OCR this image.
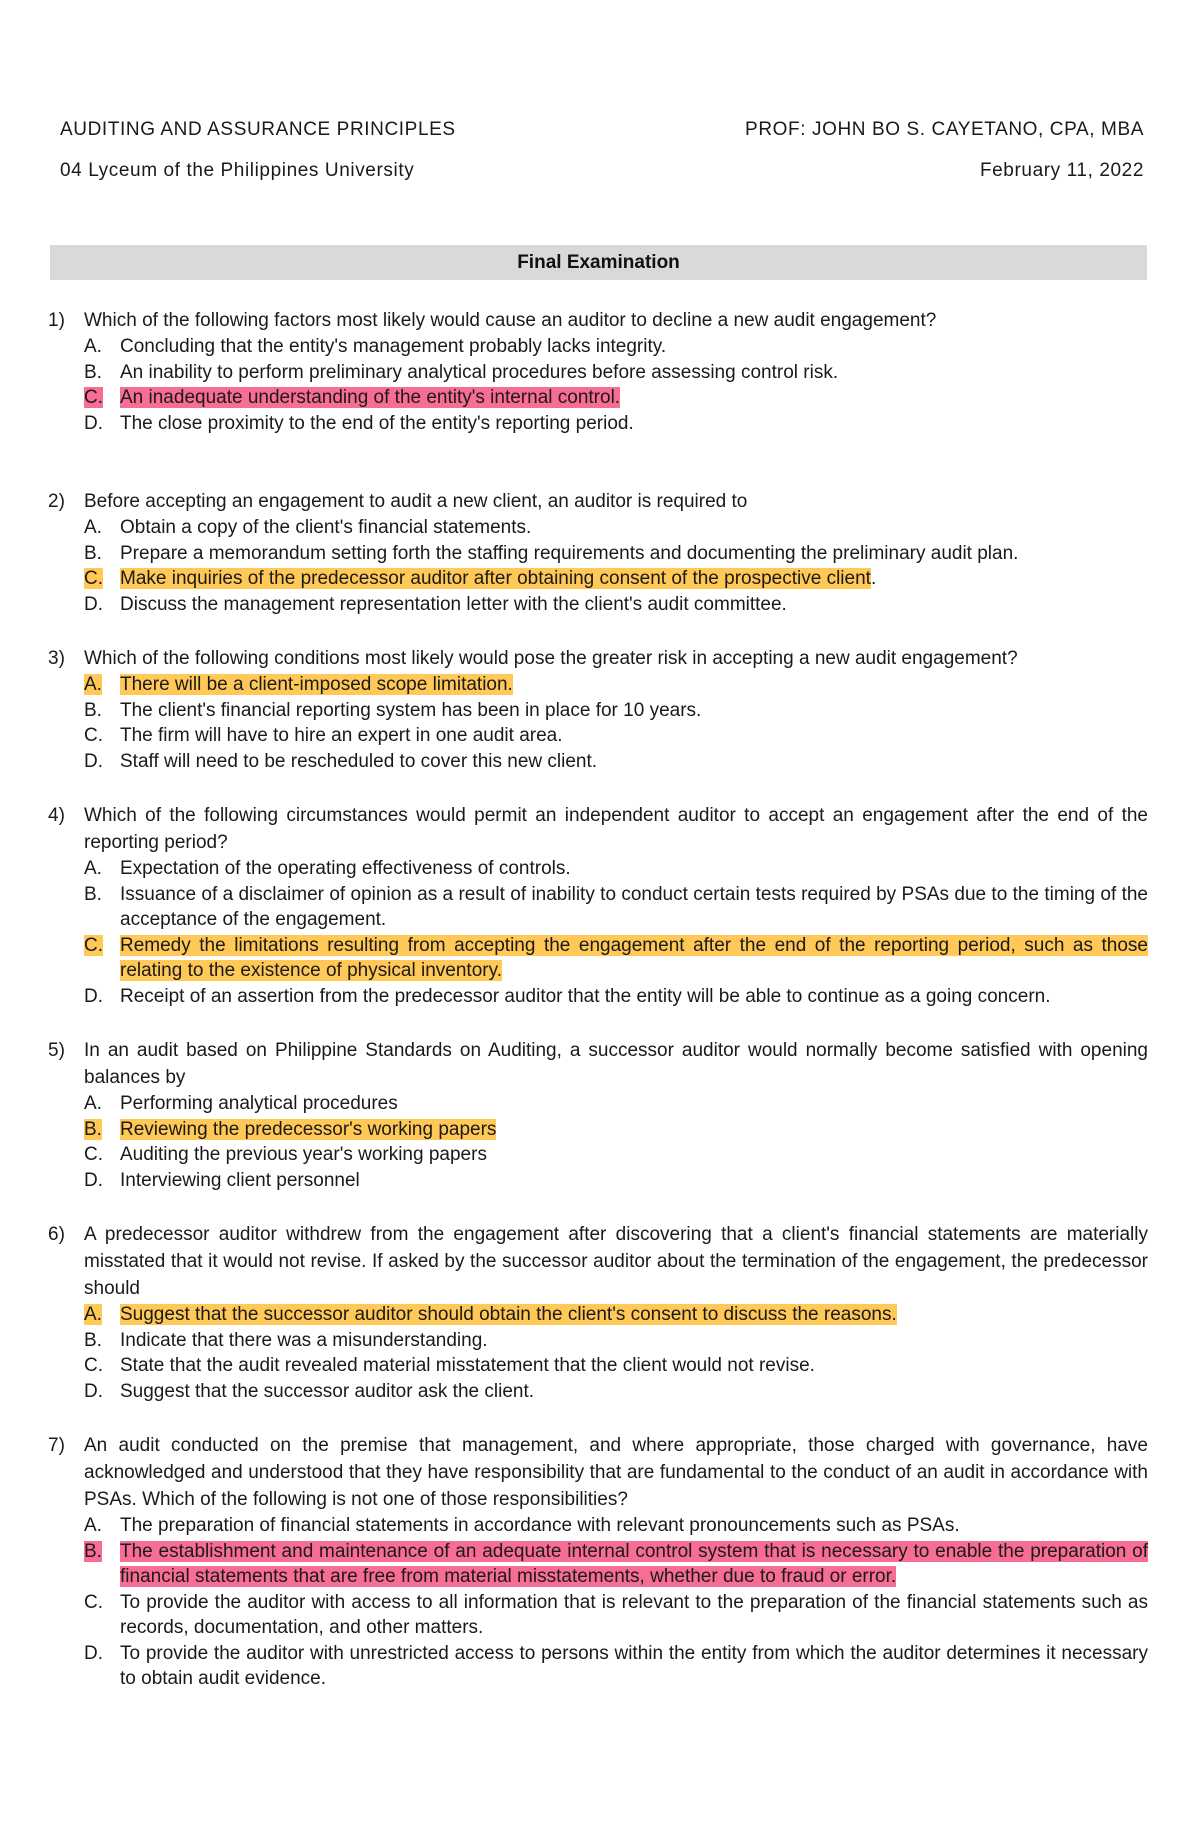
AUDITING AND ASSURANCE PRINCIPLES	PROF: JOHN BO S. CAYETANO, CPA, MBA
04 Lyceum of the Philippines University	February 11, 2022
Final Examination
1)	Which of the following factors most likely would cause an auditor to decline a new audit engagement?
A. Concluding that the entity's management probably lacks integrity.
B. An inability to perform preliminary analytical procedures before assessing control risk.
C. An inadequate understanding of the entity's internal control.
D. The close proximity to the end of the entity's reporting period.
2)	Before accepting an engagement to audit a new client, an auditor is required to
A. Obtain a copy of the client's financial statements.
B. Prepare a memorandum setting forth the staffing requirements and documenting the preliminary audit plan.
C. Make inquiries of the predecessor auditor after obtaining consent of the prospective client.
D. Discuss the management representation letter with the client's audit committee.
3)	Which of the following conditions most likely would pose the greater risk in accepting a new audit engagement?
A. There will be a client-imposed scope limitation.
B. The client's financial reporting system has been in place for 10 years.
C. The firm will have to hire an expert in one audit area.
D. Staff will need to be rescheduled to cover this new client.
4)	Which of the following circumstances would permit an independent auditor to accept an engagement after the end of the reporting period?
A. Expectation of the operating effectiveness of controls.
B. Issuance of a disclaimer of opinion as a result of inability to conduct certain tests required by PSAs due to the timing of the acceptance of the engagement.
C. Remedy the limitations resulting from accepting the engagement after the end of the reporting period, such as those relating to the existence of physical inventory.
D. Receipt of an assertion from the predecessor auditor that the entity will be able to continue as a going concern.
5)	In an audit based on Philippine Standards on Auditing, a successor auditor would normally become satisfied with opening balances by
A. Performing analytical procedures
B. Reviewing the predecessor's working papers
C. Auditing the previous year's working papers
D. Interviewing client personnel
6)	A predecessor auditor withdrew from the engagement after discovering that a client's financial statements are materially misstated that it would not revise. If asked by the successor auditor about the termination of the engagement, the predecessor should
A. Suggest that the successor auditor should obtain the client's consent to discuss the reasons.
B. Indicate that there was a misunderstanding.
C. State that the audit revealed material misstatement that the client would not revise.
D. Suggest that the successor auditor ask the client.
7)	An audit conducted on the premise that management, and where appropriate, those charged with governance, have acknowledged and understood that they have responsibility that are fundamental to the conduct of an audit in accordance with PSAs. Which of the following is not one of those responsibilities?
A. The preparation of financial statements in accordance with relevant pronouncements such as PSAs.
B. The establishment and maintenance of an adequate internal control system that is necessary to enable the preparation of financial statements that are free from material misstatements, whether due to fraud or error.
C. To provide the auditor with access to all information that is relevant to the preparation of the financial statements such as records, documentation, and other matters.
D. To provide the auditor with unrestricted access to persons within the entity from which the auditor determines it necessary to obtain audit evidence.
